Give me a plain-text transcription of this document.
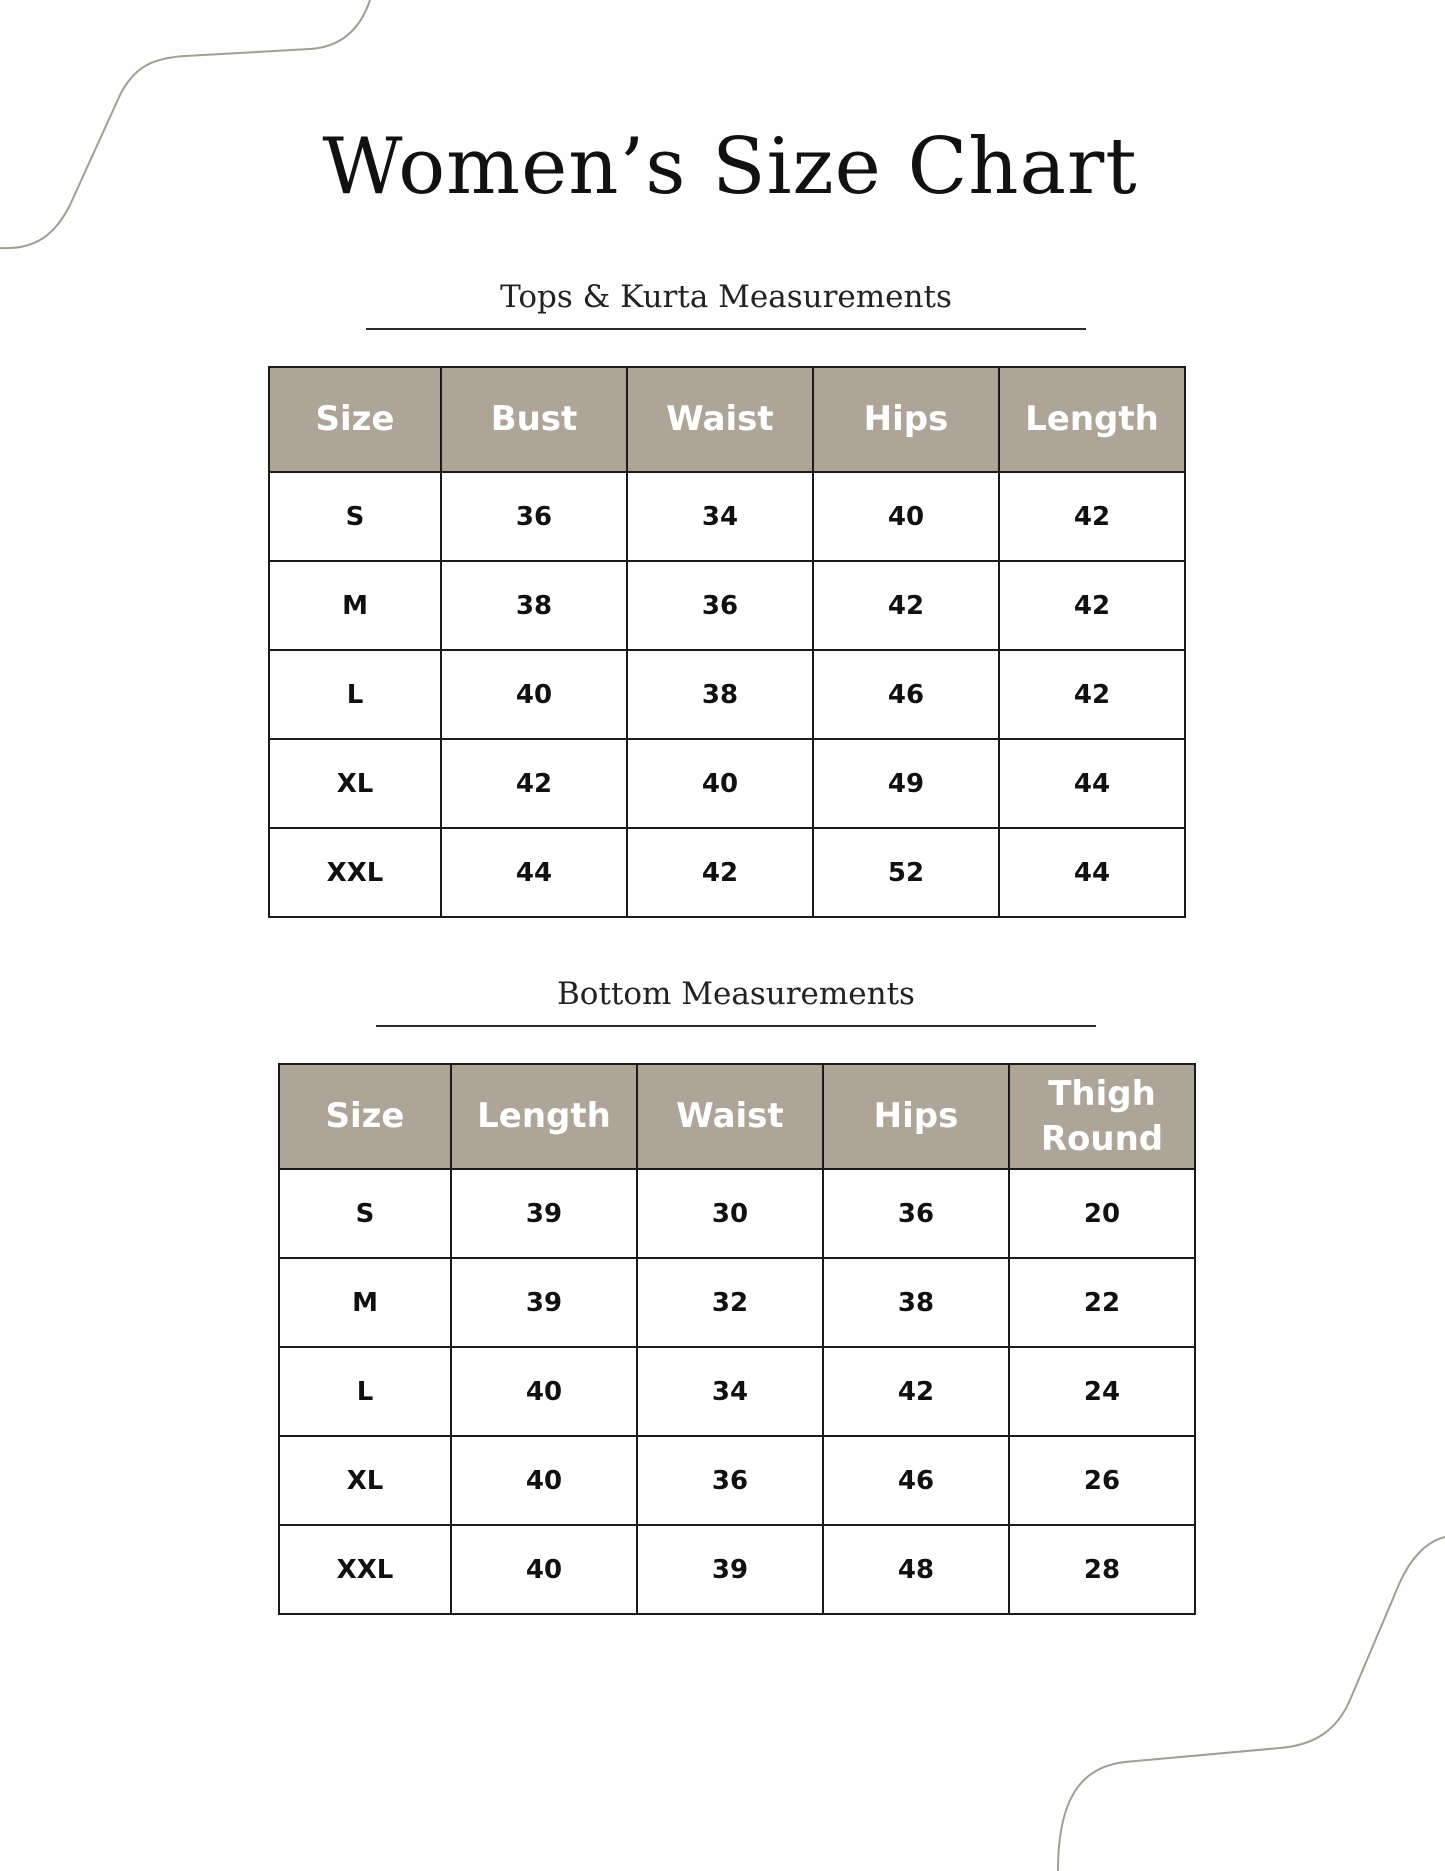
Women’s Size Chart
Tops & Kurta Measurements
Size	Bust	Waist	Hips	Length
S	36	34	40	42
M	38	36	42	42
L	40	38	46	42
XL	42	40	49	44
XXL	44	42	52	44
Bottom Measurements
Size	Length	Waist	Hips	Thigh Round
S	39	30	36	20
M	39	32	38	22
L	40	34	42	24
XL	40	36	46	26
XXL	40	39	48	28
